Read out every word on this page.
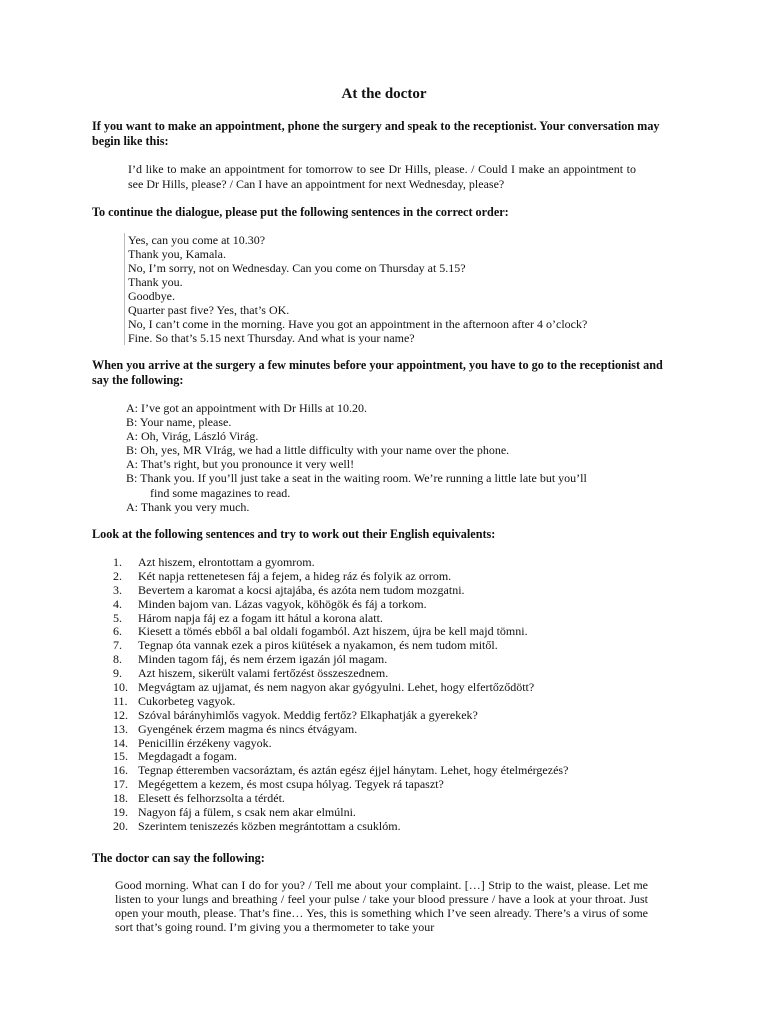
At the doctor
If you want to make an appointment, phone the surgery and speak to the receptionist. Your conversation may begin like this:
I’d like to make an appointment for tomorrow to see Dr Hills, please. / Could I make an appointment to see Dr Hills, please? / Can I have an appointment for next Wednesday, please?
To continue the dialogue, please put the following sentences in the correct order:
Yes, can you come at 10.30?
Thank you, Kamala.
No, I’m sorry, not on Wednesday. Can you come on Thursday at 5.15?
Thank you.
Goodbye.
Quarter past five? Yes, that’s OK.
No, I can’t come in the morning. Have you got an appointment in the afternoon after 4 o’clock?
Fine. So that’s 5.15 next Thursday. And what is your name?
When you arrive at the surgery a few minutes before your appointment, you have to go to the receptionist and say the following:
A: I’ve got an appointment with Dr Hills at 10.20.
B: Your name, please.
A: Oh, Virág, László Virág.
B: Oh, yes, MR VIrág, we had a little difficulty with your name over the phone.
A: That’s right, but you pronounce it very well!
B: Thank you. If you’ll just take a seat in the waiting room. We’re running a little late but you’ll
find some magazines to read.
A: Thank you very much.
Look at the following sentences and try to work out their English equivalents:
1.	Azt hiszem, elrontottam a gyomrom.
2.	Két napja rettenetesen fáj a fejem, a hideg ráz és folyik az orrom.
3.	Bevertem a karomat a kocsi ajtajába, és azóta nem tudom mozgatni.
4.	Minden bajom van. Lázas vagyok, köhögök és fáj a torkom.
5.	Három napja fáj ez a fogam itt hátul a korona alatt.
6.	Kiesett a tömés ebből a bal oldali fogamból. Azt hiszem, újra be kell majd tömni.
7.	Tegnap óta vannak ezek a piros kiütések a nyakamon, és nem tudom mitől.
8.	Minden tagom fáj, és nem érzem igazán jól magam.
9.	Azt hiszem, sikerült valami fertőzést összeszednem.
10. Megvágtam az ujjamat, és nem nagyon akar gyógyulni. Lehet, hogy elfertőződött?
11. Cukorbeteg vagyok.
12. Szóval bárányhimlős vagyok. Meddig fertőz? Elkaphatják a gyerekek?
13. Gyengének érzem magma és nincs étvágyam.
14. Penicillin érzékeny vagyok.
15. Megdagadt a fogam.
16. Tegnap étteremben vacsoráztam, és aztán egész éjjel hánytam. Lehet, hogy ételmérgezés?
17. Megégettem a kezem, és most csupa hólyag. Tegyek rá tapaszt?
18. Elesett és felhorzsolta a térdét.
19. Nagyon fáj a fülem, s csak nem akar elmúlni.
20. Szerintem teniszezés közben megrántottam a csuklóm.
The doctor can say the following:
Good morning. What can I do for you? / Tell me about your complaint. […] Strip to the waist, please. Let me listen to your lungs and breathing / feel your pulse / take your blood pressure / have a look at your throat. Just open your mouth, please. That’s fine… Yes, this is something which I’ve seen already. There’s a virus of some sort that’s going round. I’m giving you a thermometer to take your
